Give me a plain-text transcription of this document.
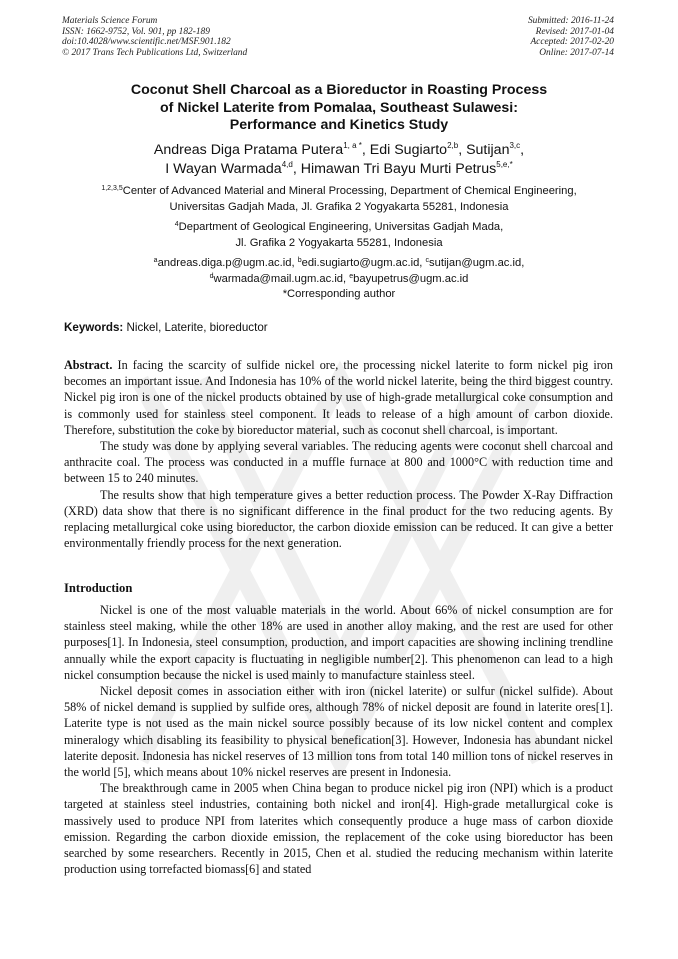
Materials Science Forum
ISSN: 1662-9752, Vol. 901, pp 182-189
doi:10.4028/www.scientific.net/MSF.901.182
© 2017 Trans Tech Publications Ltd, Switzerland
Submitted: 2016-11-24
Revised: 2017-01-04
Accepted: 2017-02-20
Online: 2017-07-14
Coconut Shell Charcoal as a Bioreductor in Roasting Process
of Nickel Laterite from Pomalaa, Southeast Sulawesi:
Performance and Kinetics Study
Andreas Diga Pratama Putera$^{1, a *}$, Edi Sugiarto$^{2,b}$, Sutijan$^{3,c}$,
I Wayan Warmada$^{4,d}$, Himawan Tri Bayu Murti Petrus$^{5,e,*}$
$^{1,2,3,5}$Center of Advanced Material and Mineral Processing, Department of Chemical Engineering,
Universitas Gadjah Mada, Jl. Grafika 2 Yogyakarta 55281, Indonesia
$^4$Department of Geological Engineering, Universitas Gadjah Mada,
Jl. Grafika 2 Yogyakarta 55281, Indonesia
$^a$andreas.diga.p@ugm.ac.id, $^b$edi.sugiarto@ugm.ac.id, $^c$sutijan@ugm.ac.id,
$^d$warmada@mail.ugm.ac.id, $^e$bayupetrus@ugm.ac.id
*Corresponding author
Keywords: Nickel, Laterite, bioreductor

Abstract. In facing the scarcity of sulfide nickel ore, the processing nickel laterite to form nickel pig iron becomes an important issue. And Indonesia has 10% of the world nickel laterite, being the third biggest country. Nickel pig iron is one of the nickel products obtained by use of high-grade metallurgical coke consumption and is commonly used for stainless steel component. It leads to release of a high amount of carbon dioxide. Therefore, substitution the coke by bioreductor material, such as coconut shell charcoal, is important.

The study was done by applying several variables. The reducing agents were coconut shell charcoal and anthracite coal. The process was conducted in a muffle furnace at 800 and 1000°C with reduction time and between 15 to 240 minutes.

The results show that high temperature gives a better reduction process. The Powder X-Ray Diffraction (XRD) data show that there is no significant difference in the final product for the two reducing agents. By replacing metallurgical coke using bioreductor, the carbon dioxide emission can be reduced. It can give a better environmentally friendly process for the next generation.

Introduction

Nickel is one of the most valuable materials in the world. About 66% of nickel consumption are for stainless steel making, while the other 18% are used in another alloy making, and the rest are used for other purposes[1]. In Indonesia, steel consumption, production, and import capacities are showing inclining trendline annually while the export capacity is fluctuating in negligible number[2]. This phenomenon can lead to a high nickel consumption because the nickel is used mainly to manufacture stainless steel.

Nickel deposit comes in association either with iron (nickel laterite) or sulfur (nickel sulfide). About 58% of nickel demand is supplied by sulfide ores, although 78% of nickel deposit are found in laterite ores[1]. Laterite type is not used as the main nickel source possibly because of its low nickel content and complex mineralogy which disabling its feasibility to physical benefication[3]. However, Indonesia has abundant nickel laterite deposit. Indonesia has nickel reserves of 13 million tons from total 140 million tons of nickel reserves in the world [5], which means about 10% nickel reserves are present in Indonesia.

The breakthrough came in 2005 when China began to produce nickel pig iron (NPI) which is a product targeted at stainless steel industries, containing both nickel and iron[4]. High-grade metallurgical coke is massively used to produce NPI from laterites which consequently produce a huge mass of carbon dioxide emission. Regarding the carbon dioxide emission, the replacement of the coke using bioreductor has been searched by some researchers. Recently in 2015, Chen et al. studied the reducing mechanism within laterite production using torrefacted biomass[6] and stated
